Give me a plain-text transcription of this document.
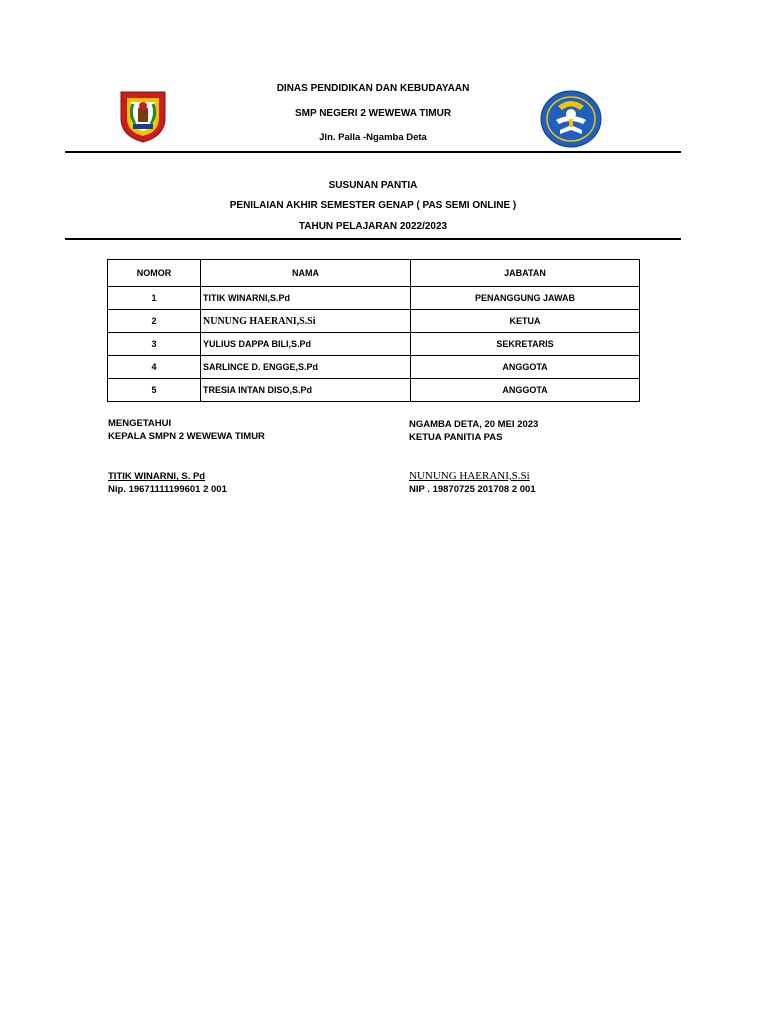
DINAS PENDIDIKAN DAN KEBUDAYAAN
SMP NEGERI 2 WEWEWA TIMUR
Jln. Palla -Ngamba Deta
SUSUNAN PANTIA
PENILAIAN AKHIR SEMESTER GENAP ( PAS SEMI ONLINE )
TAHUN PELAJARAN 2022/2023
NOMOR	NAMA	JABATAN
1	TITIK WINARNI,S.Pd	PENANGGUNG JAWAB
2	NUNUNG HAERANI,S.Si	KETUA
3	YULIUS DAPPA BILI,S.Pd	SEKRETARIS
4	SARLINCE D. ENGGE,S.Pd	ANGGOTA
5	TRESIA INTAN DISO,S.Pd	ANGGOTA
MENGETAHUI
KEPALA SMPN 2 WEWEWA TIMUR
TITIK WINARNI, S. Pd
Nip. 19671111199601 2 001
NGAMBA DETA, 20 MEI 2023
KETUA PANITIA PAS
NUNUNG HAERANI,S.Si
NIP . 19870725 201708 2 001
